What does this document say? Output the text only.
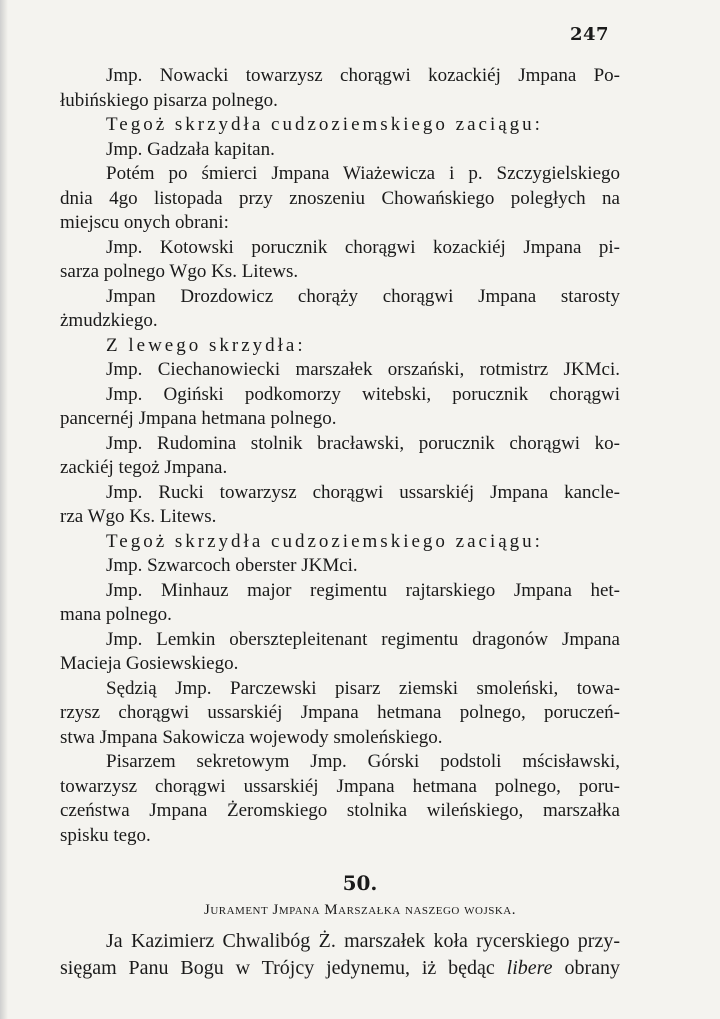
247
Jmp. Nowacki towarzysz chorągwi kozackiéj Jmpana Po-
łubińskiego pisarza polnego.
Tegoż skrzydła cudzoziemskiego zaciągu:
Jmp. Gadzała kapitan.
Potém po śmierci Jmpana Wiażewicza i p. Szczygielskiego
dnia 4go listopada przy znoszeniu Chowańskiego poległych na
miejscu onych obrani:
Jmp. Kotowski porucznik chorągwi kozackiéj Jmpana pi-
sarza polnego Wgo Ks. Litews.
Jmpan Drozdowicz chorąży chorągwi Jmpana starosty
żmudzkiego.
Z lewego skrzydła:
Jmp. Ciechanowiecki marszałek orszański, rotmistrz JKMci.
Jmp. Ogiński podkomorzy witebski, porucznik chorągwi
pancernéj Jmpana hetmana polnego.
Jmp. Rudomina stolnik bracławski, porucznik chorągwi ko-
zackiéj tegoż Jmpana.
Jmp. Rucki towarzysz chorągwi ussarskiéj Jmpana kancle-
rza Wgo Ks. Litews.
Tegoż skrzydła cudzoziemskiego zaciągu:
Jmp. Szwarcoch oberster JKMci.
Jmp. Minhauz major regimentu rajtarskiego Jmpana het-
mana polnego.
Jmp. Lemkin obersztерleitenant regimentu dragonów Jmpana
Macieja Gosiewskiego.
Sędzią Jmp. Parczewski pisarz ziemski smoleński, towa-
rzysz chorągwi ussarskiéj Jmpana hetmana polnego, poruczeń-
stwa Jmpana Sakowicza wojewody smoleńskiego.
Pisarzem sekretowym Jmp. Górski podstoli mścisławski,
towarzysz chorągwi ussarskiéj Jmpana hetmana polnego, poru-
czeństwa Jmpana Żeromskiego stolnika wileńskiego, marszałka
spisku tego.
50.
Jurament Jmpana Marszałka naszego wojska.
Ja Kazimierz Chwalibóg Ż. marszałek koła rycerskiego przy-
sięgam Panu Bogu w Trójcy jedynemu, iż będąc libere obrany
